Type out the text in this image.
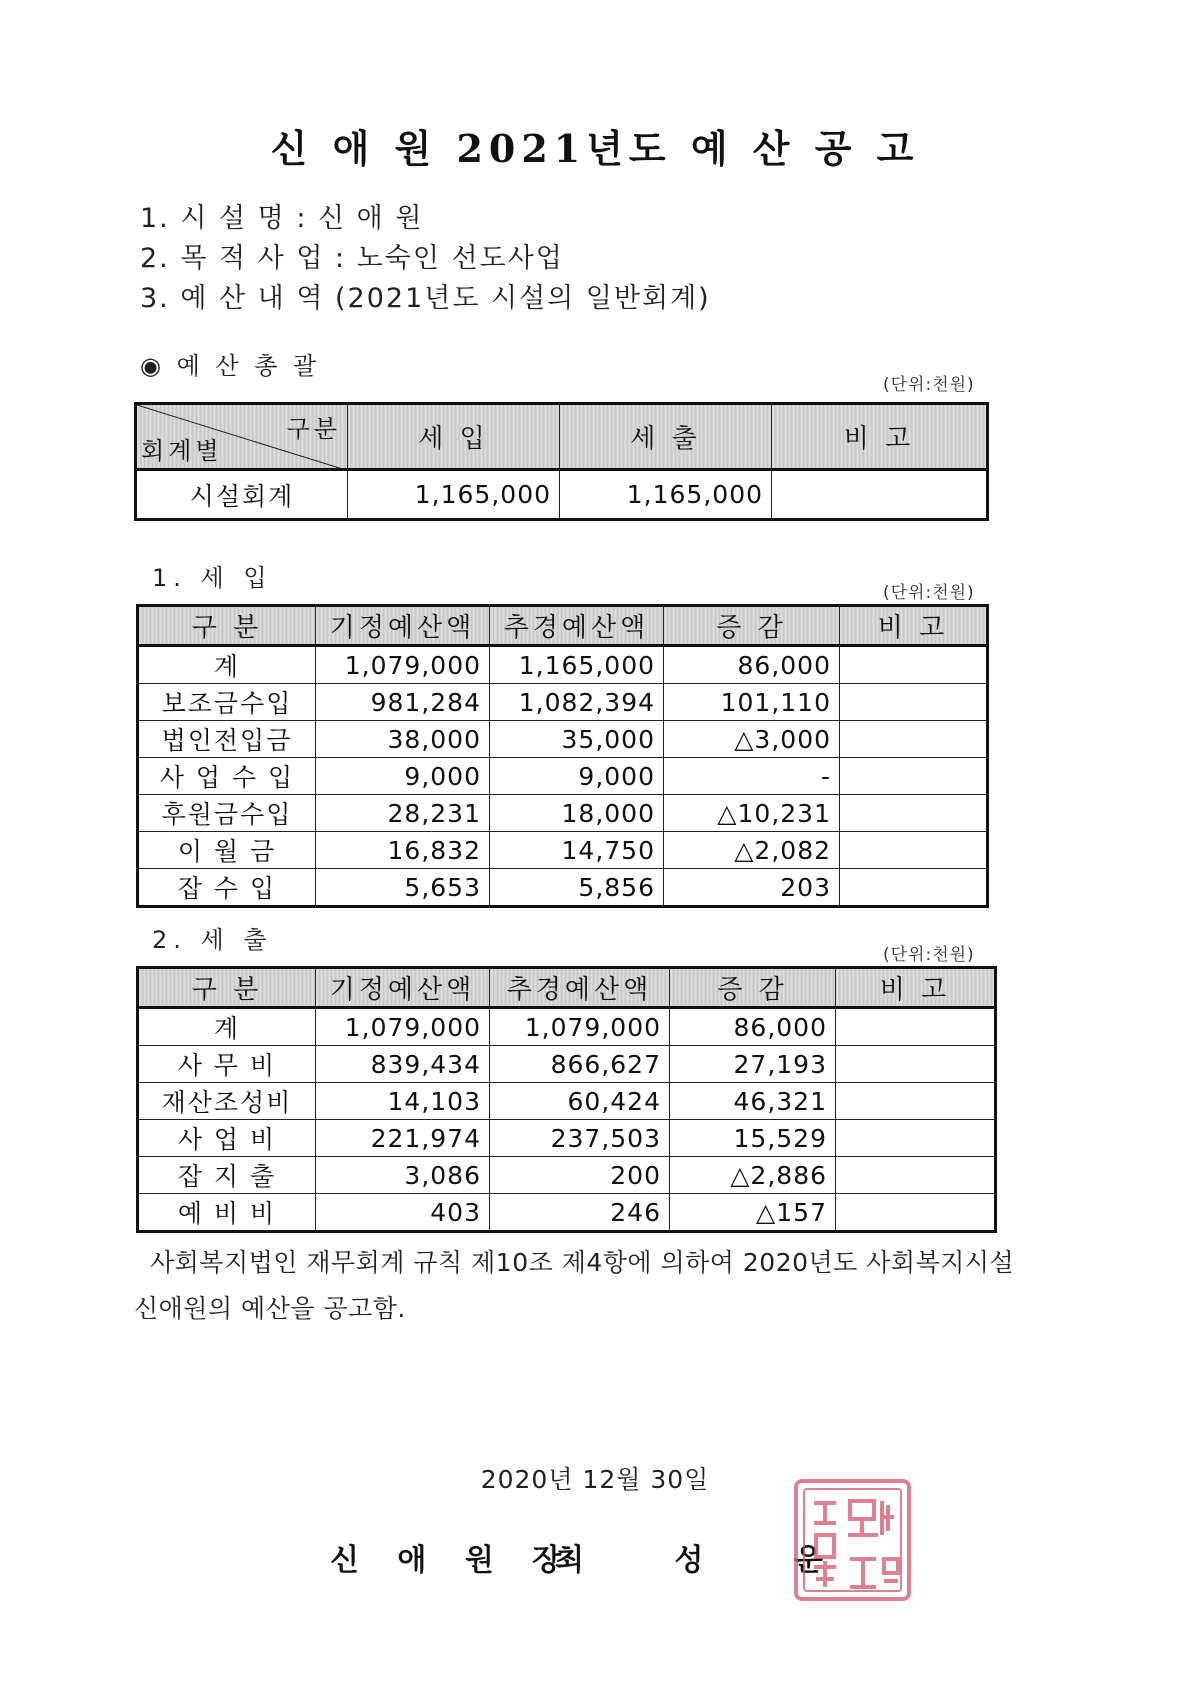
신 애 원 2021년도 예 산 공 고
1. 시 설 명 : 신 애 원
2. 목 적 사 업 : 노숙인 선도사업
3. 예 산 내 역 (2021년도 시설의 일반회계)
◉ 예 산 총 괄
(단위:천원)
구분
회계별	세 입	세 출	비 고
시설회계	1,165,000	1,165,000	
1. 세 입
(단위:천원)
구 분	기정예산액	추경예산액	증 감	비 고
계	1,079,000	1,165,000	86,000	
보조금수입	981,284	1,082,394	101,110	
법인전입금	38,000	35,000	△3,000	
사 업 수 입	9,000	9,000	-	
후원금수입	28,231	18,000	△10,231	
이 월 금	16,832	14,750	△2,082	
잡 수 입	5,653	5,856	203	
2. 세 출
(단위:천원)
구 분	기정예산액	추경예산액	증 감	비 고
계	1,079,000	1,079,000	86,000	
사 무 비	839,434	866,627	27,193	
재산조성비	14,103	60,424	46,321	
사 업 비	221,974	237,503	15,529	
잡 지 출	3,086	200	△2,886	
예 비 비	403	246	△157	
사회복지법인 재무회계 규칙 제10조 제4항에 의하여 2020년도 사회복지시설
신애원의 예산을 공고함.
2020년 12월 30일
신 애 원 장
최 성 운
